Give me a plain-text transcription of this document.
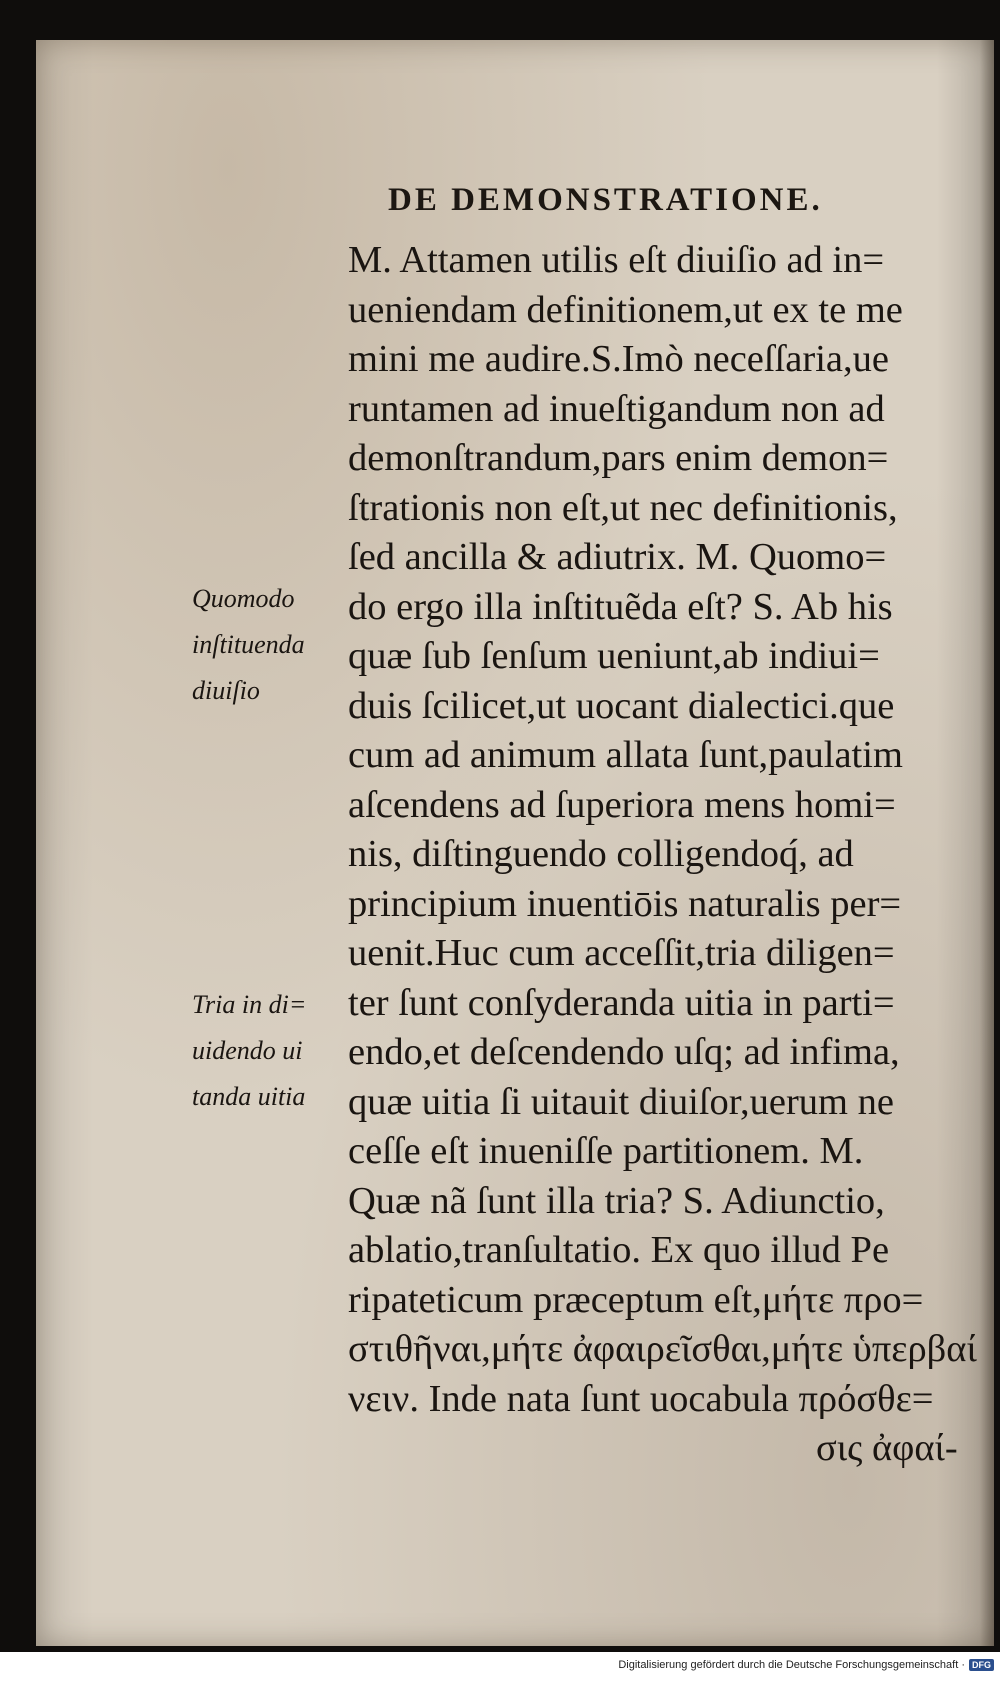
DE DEMONSTRATIONE.
Quomodo
inſtituenda
diuiſio
Tria in di=
uidendo ui
tanda uitia
M. Attamen utilis eſt diuiſio ad in=
ueniendam definitionem,ut ex te me
mini me audire.S.Imò neceſſaria,ue
runtamen ad inueſtigandum non ad
demonſtrandum,pars enim demon=
ſtrationis non eſt,ut nec definitionis,
ſed ancilla & adiutrix. M. Quomo=
do ergo illa inſtituẽda eſt? S. Ab his
quæ ſub ſenſum ueniunt,ab indiui=
duis ſcilicet,ut uocant dialectici.que
cum ad animum allata ſunt,paulatim
aſcendens ad ſuperiora mens homi=
nis, diſtinguendo colligendoq́, ad
principium inuentiōis naturalis per=
uenit.Huc cum acceſſit,tria diligen=
ter ſunt conſyderanda uitia in parti=
endo,et deſcendendo uſq; ad infima,
quæ uitia ſi uitauit diuiſor,uerum ne
ceſſe eſt inueniſſe partitionem. M.
Quæ nã ſunt illa tria? S. Adiunctio,
ablatio,tranſultatio. Ex quo illud Pe
ripateticum præceptum eſt,μήτε προ=
στιθῆναι,μήτε ἀφαιρεῖσθαι,μήτε ὑπερβαί
νειν. Inde nata ſunt uocabula πρόσθε=
σις ἀφαί-
Digitalisierung gefördert durch die Deutsche Forschungsgemeinschaft · DFG
